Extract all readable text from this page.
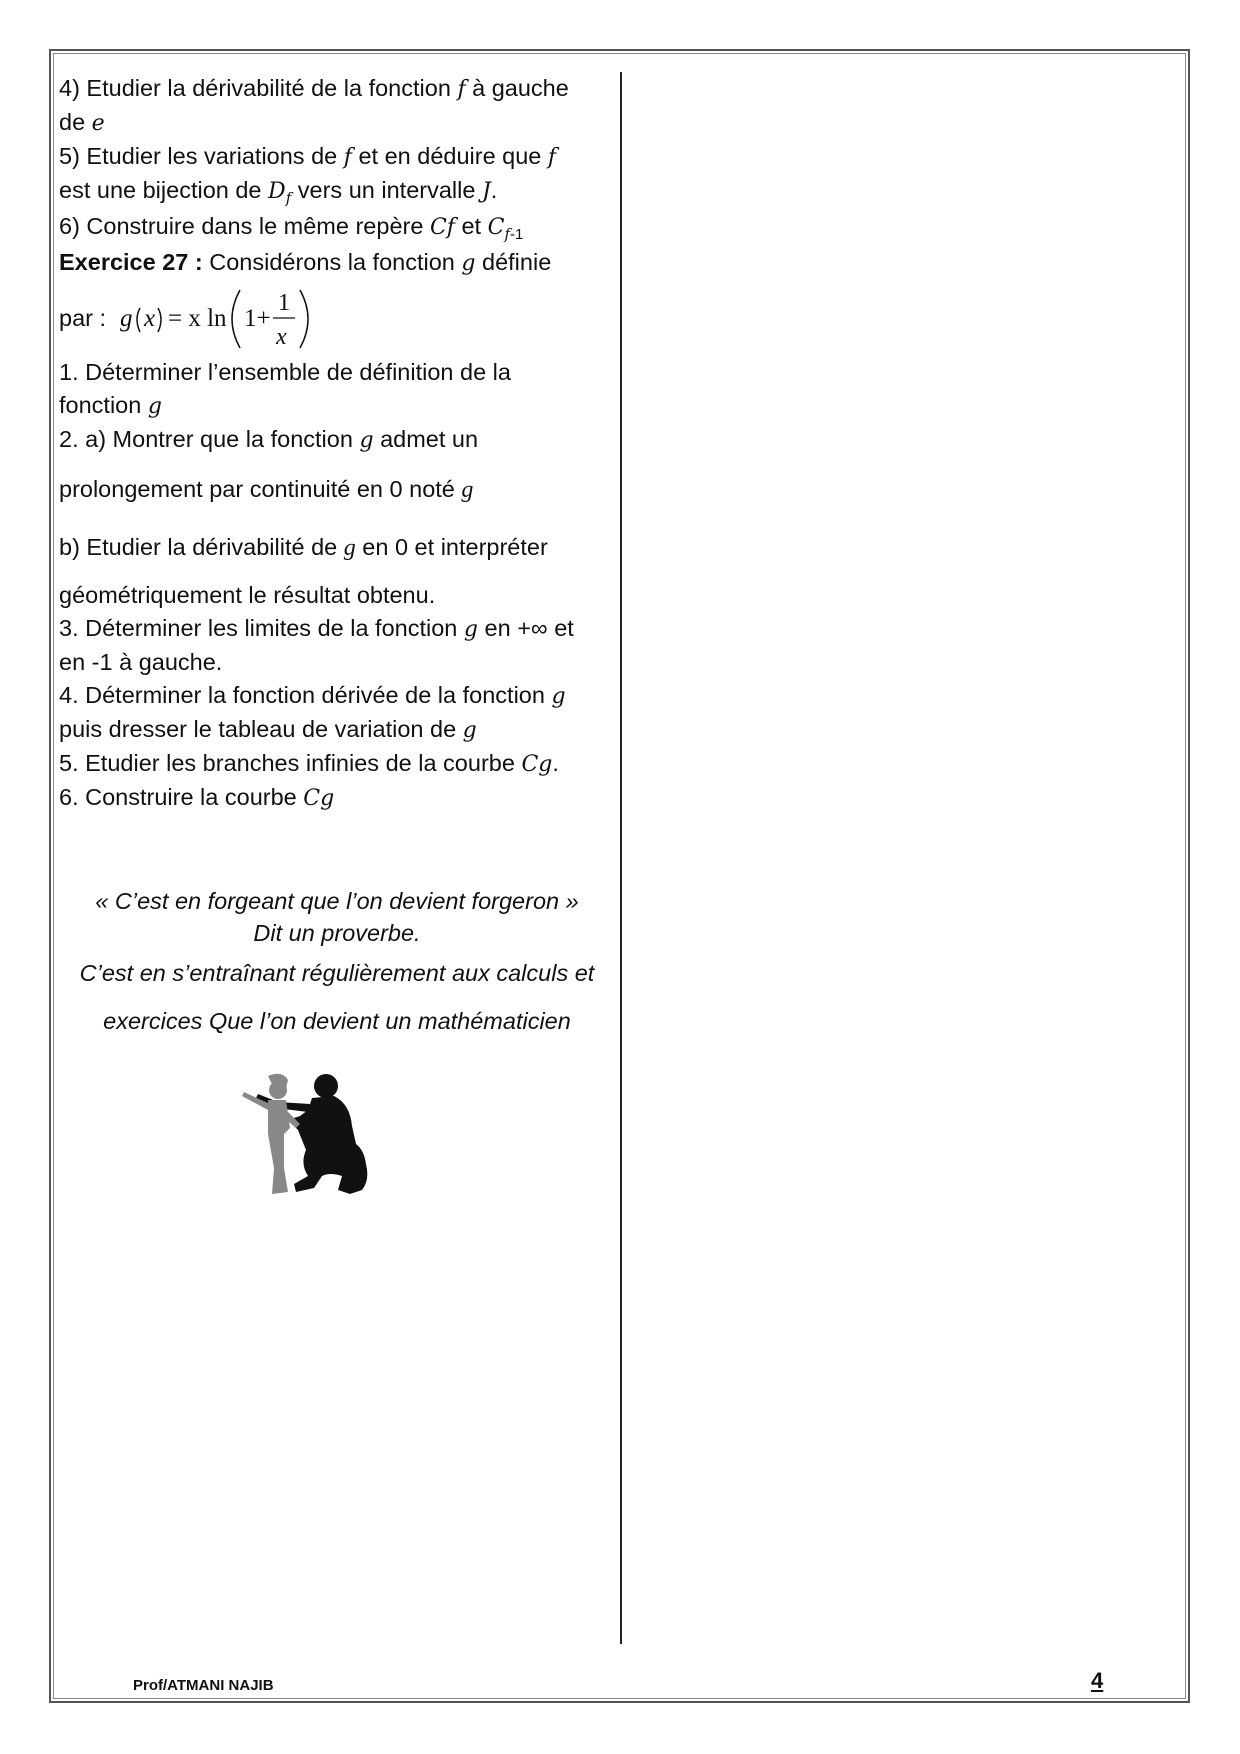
4) Etudier la dérivabilité de la fonction f à gauche
de e
5) Etudier les variations de f et en déduire que f
est une bijection de $D_f$ vers un intervalle J.
6) Construire dans le même repère Cf et $C_{f-1}$
Exercice 27 : Considérons la fonction g définie
par : g x = x ln 1+
1
x
1. Déterminer l’ensemble de définition de la
fonction g
2. a) Montrer que la fonction g admet un
prolongement par continuité en 0 noté g
b) Etudier la dérivabilité de g en 0 et interpréter
géométriquement le résultat obtenu.
3. Déterminer les limites de la fonction g en +∞ et
en -1 à gauche.
4. Déterminer la fonction dérivée de la fonction g
puis dresser le tableau de variation de g
5. Etudier les branches infinies de la courbe Cg.
6. Construire la courbe Cg
« C’est en forgeant que l’on devient forgeron »
Dit un proverbe.
C’est en s’entraînant régulièrement aux calculs et
exercices Que l’on devient un mathématicien
Prof/ATMANI NAJIB	4
